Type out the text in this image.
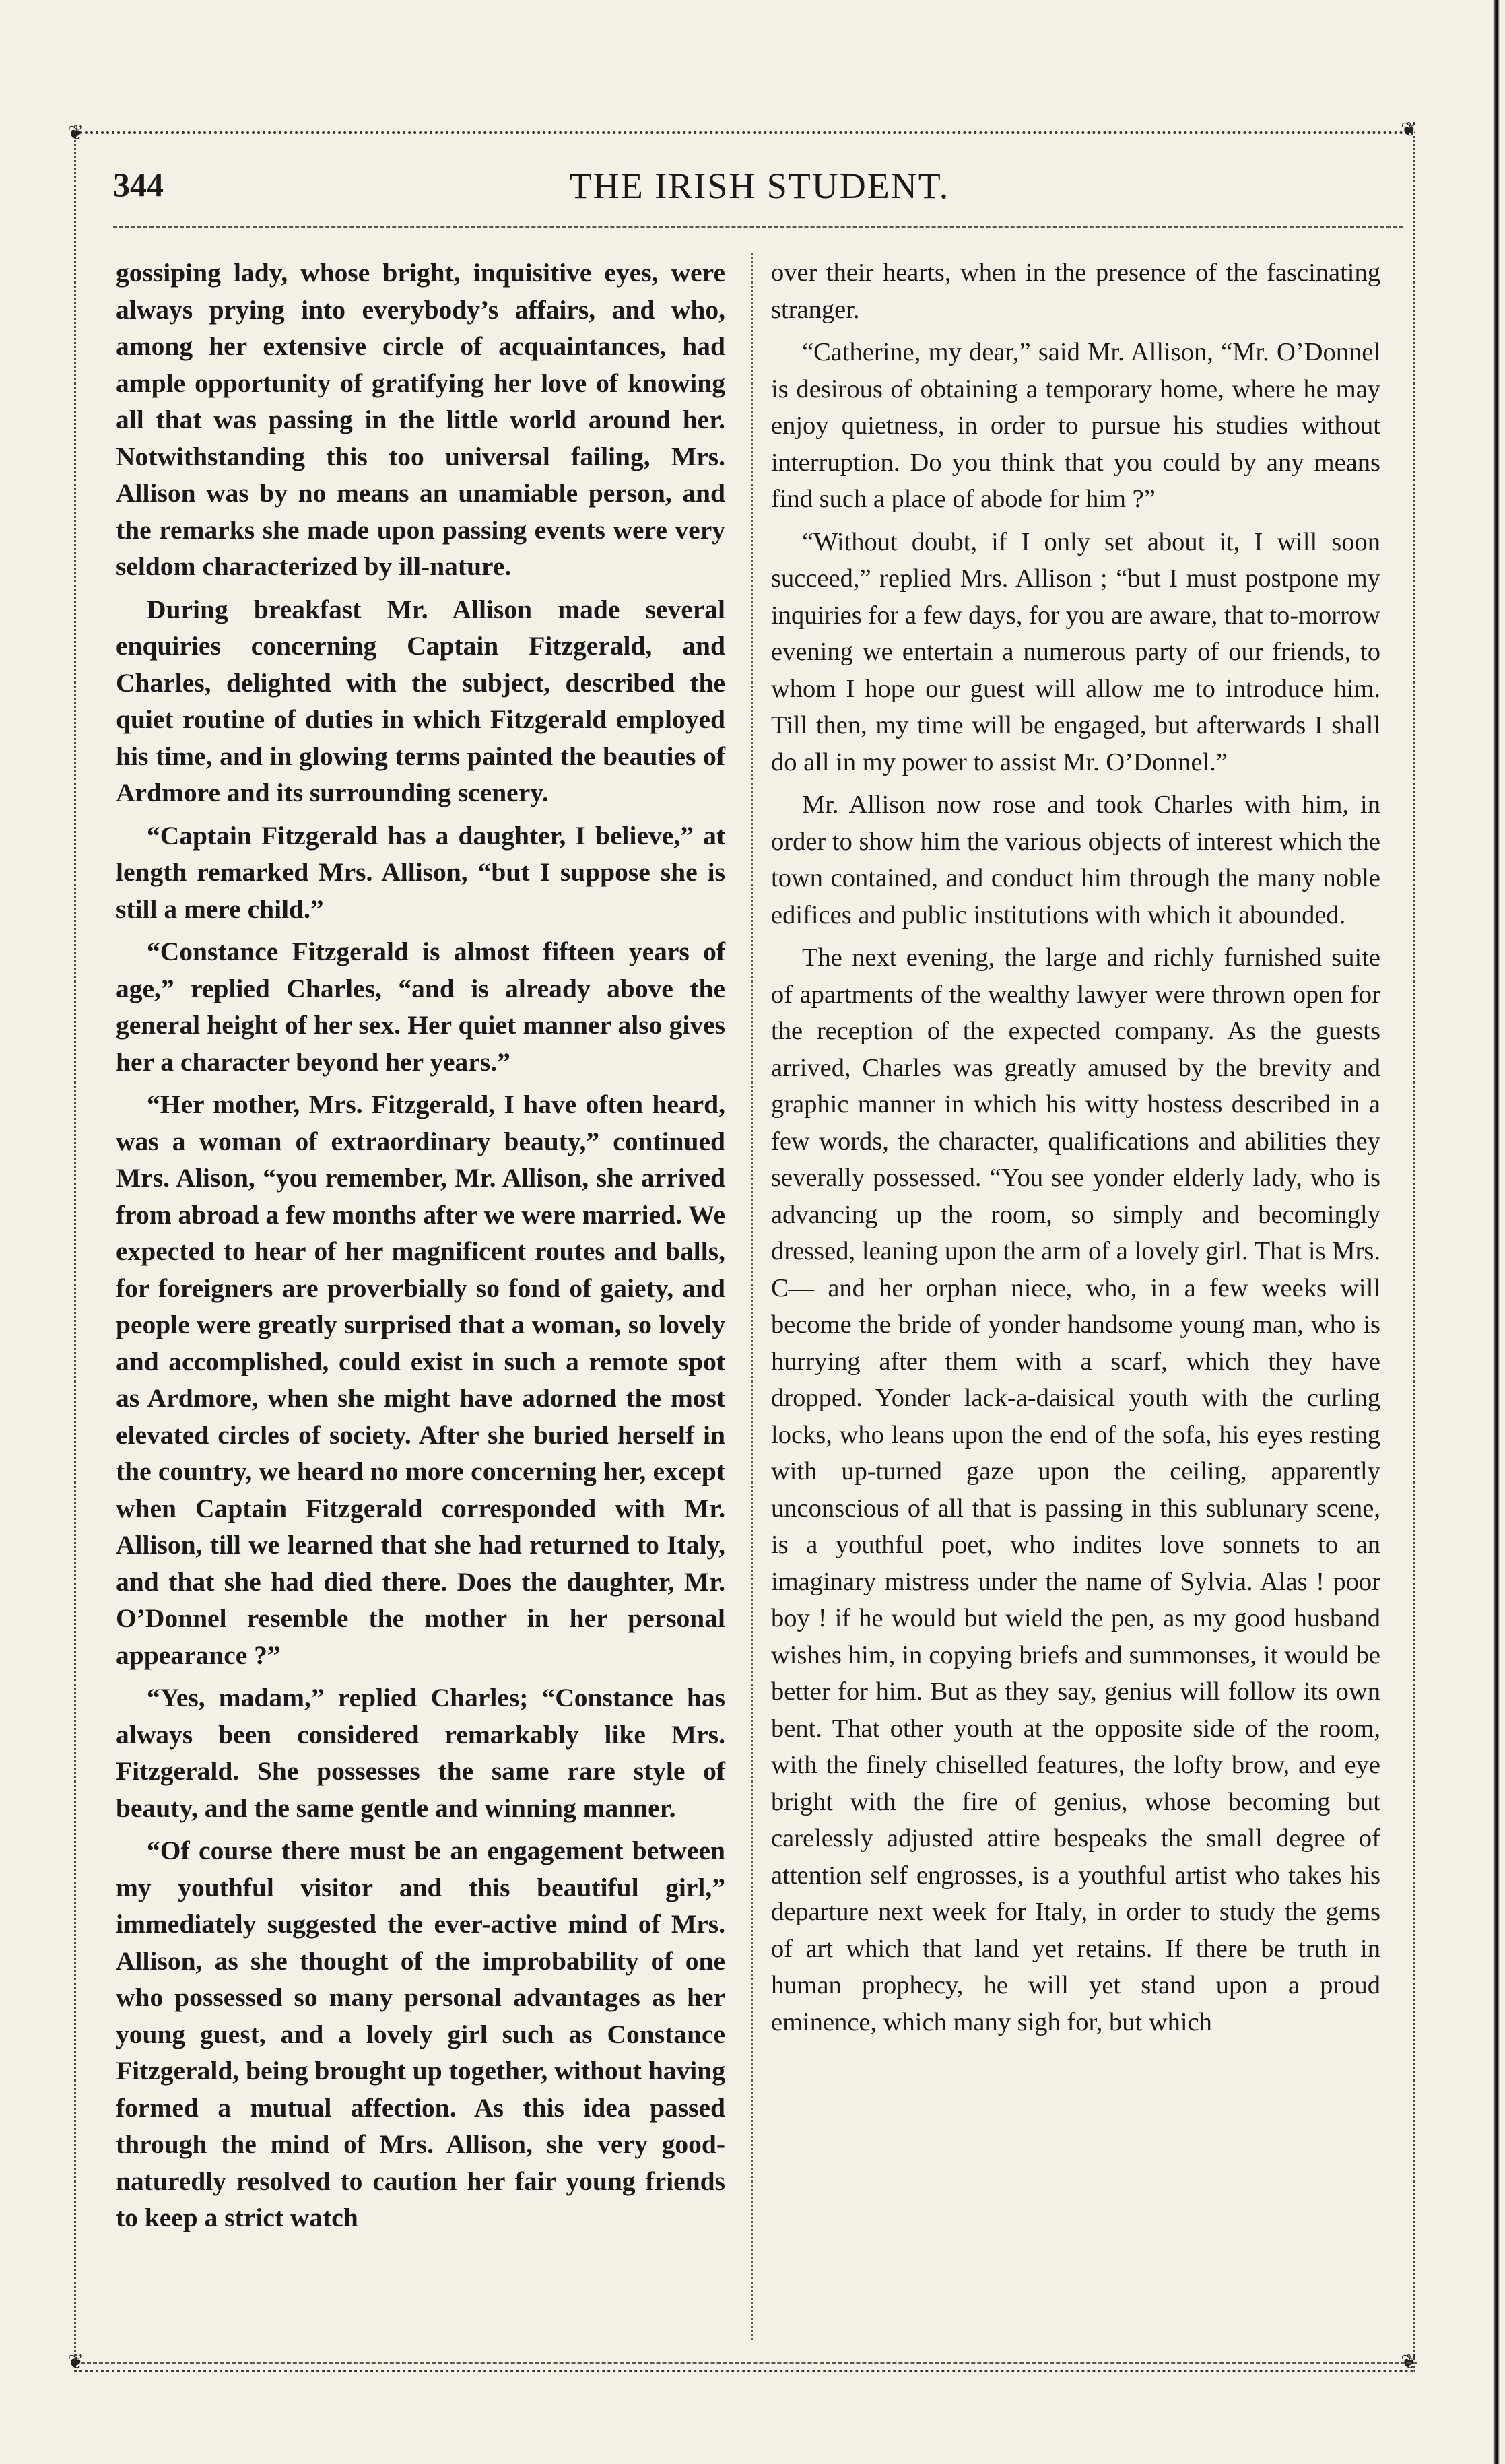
❦	❦
❦	❦
344	THE IRISH STUDENT.

gossiping lady, whose bright, inquisitive eyes, were always prying into everybody’s affairs, and who, among her extensive circle of acquaintances, had ample opportunity of gratifying her love of knowing all that was passing in the little world around her. Notwithstanding this too universal failing, Mrs. Allison was by no means an unamiable person, and the remarks she made upon passing events were very seldom characterized by ill-nature.

During breakfast Mr. Allison made several enquiries concerning Captain Fitzgerald, and Charles, delighted with the subject, described the quiet routine of duties in which Fitzgerald employed his time, and in glowing terms painted the beauties of Ardmore and its surrounding scenery.

“Captain Fitzgerald has a daughter, I believe,” at length remarked Mrs. Allison, “but I suppose she is still a mere child.”

“Constance Fitzgerald is almost fifteen years of age,” replied Charles, “and is already above the general height of her sex. Her quiet manner also gives her a character beyond her years.”

“Her mother, Mrs. Fitzgerald, I have often heard, was a woman of extraordinary beauty,” continued Mrs. Alison, “you remember, Mr. Allison, she arrived from abroad a few months after we were married. We expected to hear of her magnificent routes and balls, for foreigners are proverbially so fond of gaiety, and people were greatly surprised that a woman, so lovely and accomplished, could exist in such a remote spot as Ardmore, when she might have adorned the most elevated circles of society. After she buried herself in the country, we heard no more concerning her, except when Captain Fitzgerald corresponded with Mr. Allison, till we learned that she had returned to Italy, and that she had died there. Does the daughter, Mr. O’Donnel resemble the mother in her personal appearance ?”

“Yes, madam,” replied Charles; “Constance has always been considered remarkably like Mrs. Fitzgerald. She possesses the same rare style of beauty, and the same gentle and winning manner.

“Of course there must be an engagement between my youthful visitor and this beautiful girl,” immediately suggested the ever-active mind of Mrs. Allison, as she thought of the improbability of one who possessed so many personal advantages as her young guest, and a lovely girl such as Constance Fitzgerald, being brought up together, without having formed a mutual affection. As this idea passed through the mind of Mrs. Allison, she very good-naturedly resolved to caution her fair young friends to keep a strict watch

over their hearts, when in the presence of the fascinating stranger.

“Catherine, my dear,” said Mr. Allison, “Mr. O’Donnel is desirous of obtaining a temporary home, where he may enjoy quietness, in order to pursue his studies without interruption. Do you think that you could by any means find such a place of abode for him ?”

“Without doubt, if I only set about it, I will soon succeed,” replied Mrs. Allison ; “but I must postpone my inquiries for a few days, for you are aware, that to-morrow evening we entertain a numerous party of our friends, to whom I hope our guest will allow me to introduce him. Till then, my time will be engaged, but afterwards I shall do all in my power to assist Mr. O’Donnel.”

Mr. Allison now rose and took Charles with him, in order to show him the various objects of interest which the town contained, and conduct him through the many noble edifices and public institutions with which it abounded.

The next evening, the large and richly furnished suite of apartments of the wealthy lawyer were thrown open for the reception of the expected company. As the guests arrived, Charles was greatly amused by the brevity and graphic manner in which his witty hostess described in a few words, the character, qualifications and abilities they severally possessed. “You see yonder elderly lady, who is advancing up the room, so simply and becomingly dressed, leaning upon the arm of a lovely girl. That is Mrs. C— and her orphan niece, who, in a few weeks will become the bride of yonder handsome young man, who is hurrying after them with a scarf, which they have dropped. Yonder lack-a-daisical youth with the curling locks, who leans upon the end of the sofa, his eyes resting with up-turned gaze upon the ceiling, apparently unconscious of all that is passing in this sublunary scene, is a youthful poet, who indites love sonnets to an imaginary mistress under the name of Sylvia. Alas ! poor boy ! if he would but wield the pen, as my good husband wishes him, in copying briefs and summonses, it would be better for him. But as they say, genius will follow its own bent. That other youth at the opposite side of the room, with the finely chiselled features, the lofty brow, and eye bright with the fire of genius, whose becoming but carelessly adjusted attire bespeaks the small degree of attention self engrosses, is a youthful artist who takes his departure next week for Italy, in order to study the gems of art which that land yet retains. If there be truth in human prophecy, he will yet stand upon a proud eminence, which many sigh for, but which
